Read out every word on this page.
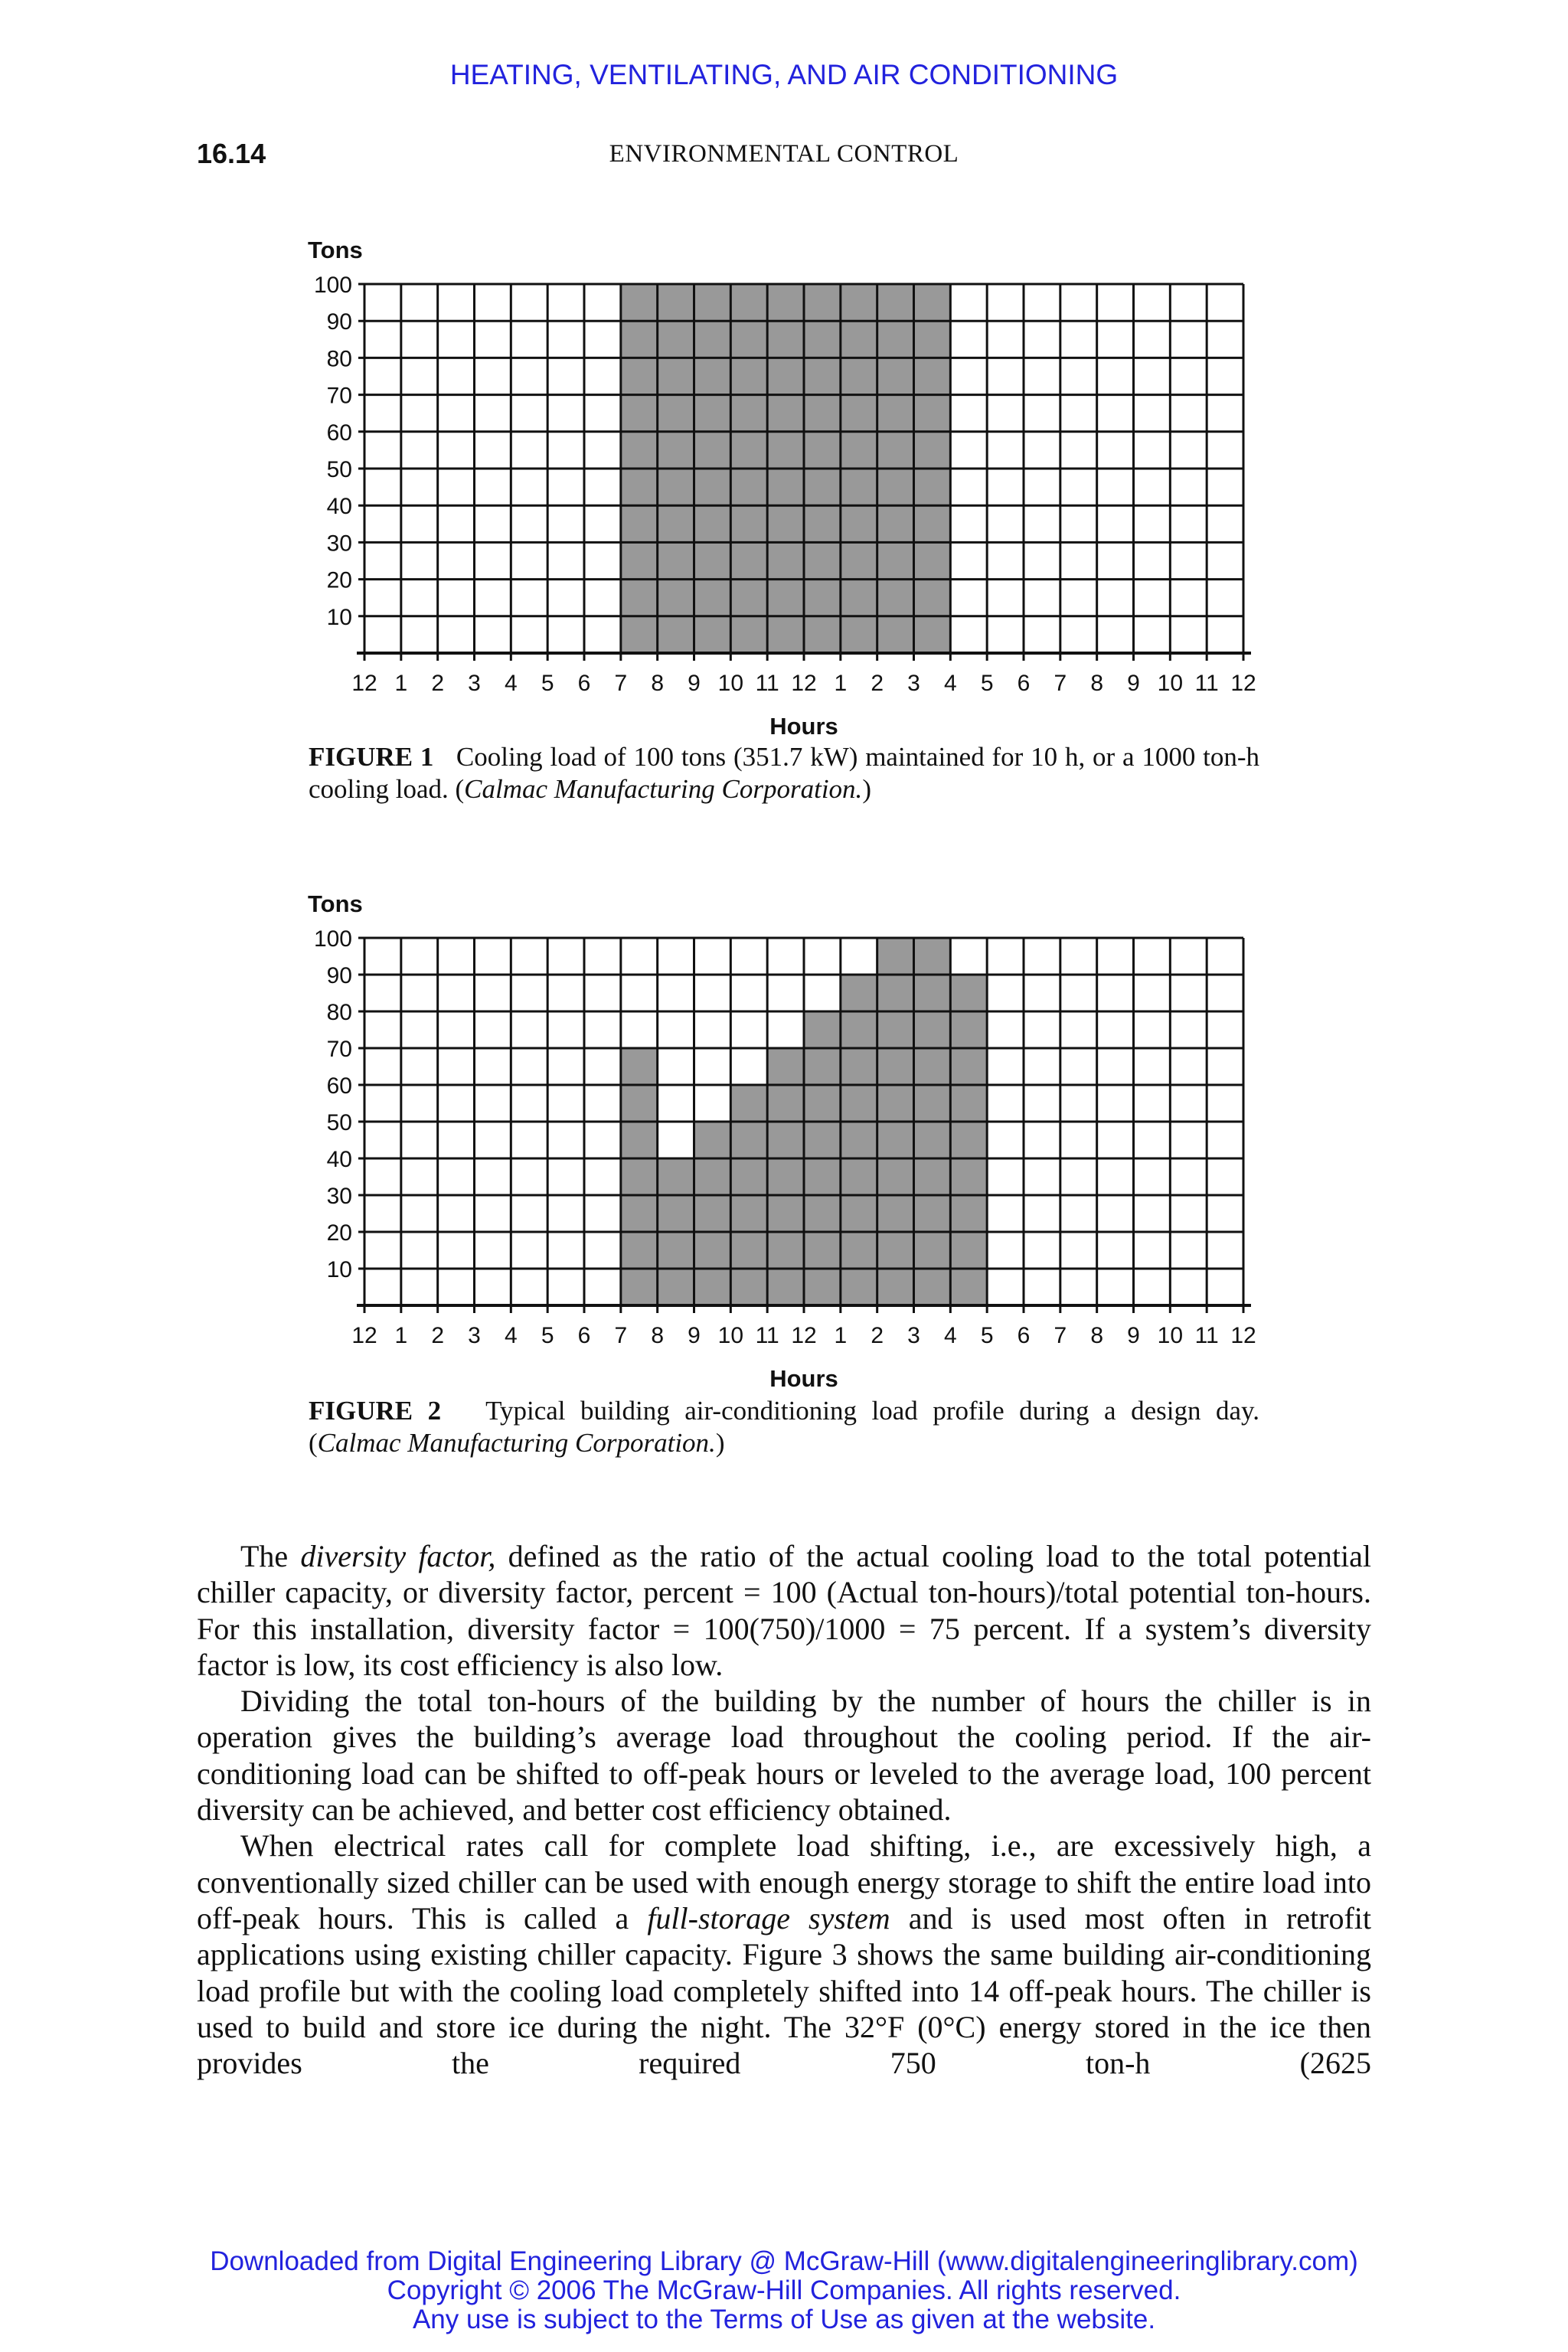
HEATING, VENTILATING, AND AIR CONDITIONING
16.14	ENVIRONMENTAL CONTROL
10
20
30
40
50
60
70
80
90
100
Tons
12 1 2 3 4 5 6 7 8 9 10 11 12 1 2 3 4 5 6 7 8 9 10 11 12
Hours
FIGURE 1 Cooling load of 100 tons (351.7 kW) maintained for 10 h, or a 1000 ton-h cooling load. (Calmac Manufacturing Corporation.)
10
20
30
40
50
60
70
80
90
100
Tons
12 1 2 3 4 5 6 7 8 9 10 11 12 1 2 3 4 5 6 7 8 9 10 11 12
Hours
FIGURE 2 Typical building air-conditioning load profile during a design day. (Calmac Manufacturing Corporation.)

The diversity factor, defined as the ratio of the actual cooling load to the total potential chiller capacity, or diversity factor, percent = 100 (Actual ton-hours)/total potential ton-hours. For this installation, diversity factor = 100(750)/1000 = 75 percent. If a system’s diversity factor is low, its cost efficiency is also low.

Dividing the total ton-hours of the building by the number of hours the chiller is in operation gives the building’s average load throughout the cooling period. If the air-conditioning load can be shifted to off-peak hours or leveled to the average load, 100 percent diversity can be achieved, and better cost efficiency obtained.

When electrical rates call for complete load shifting, i.e., are excessively high, a conventionally sized chiller can be used with enough energy storage to shift the entire load into off-peak hours. This is called a full-storage system and is used most often in retrofit applications using existing chiller capacity. Figure 3 shows the same building air-conditioning load profile but with the cooling load completely shifted into 14 off-peak hours. The chiller is used to build and store ice during the night. The 32°F (0°C) energy stored in the ice then provides the required 750 ton-h (2625

Downloaded from Digital Engineering Library @ McGraw-Hill (www.digitalengineeringlibrary.com)
Copyright © 2006 The McGraw-Hill Companies. All rights reserved.
Any use is subject to the Terms of Use as given at the website.
